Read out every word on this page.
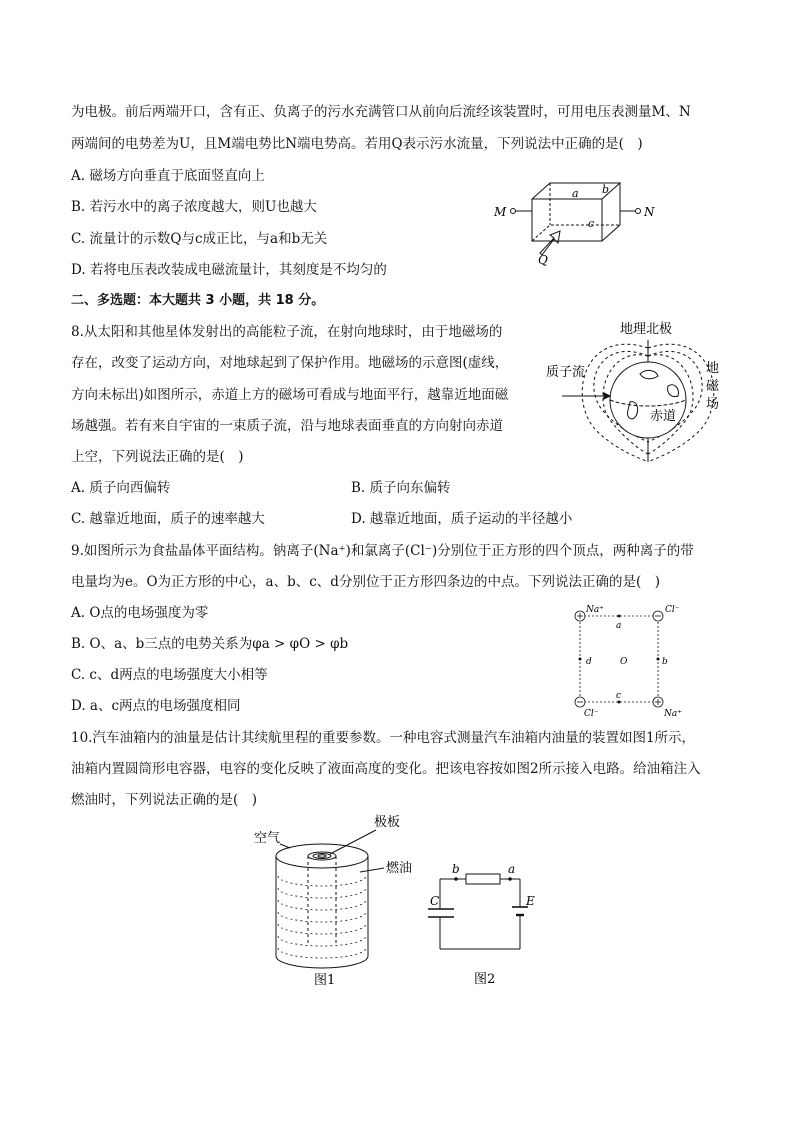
为电极。前后两端开口，含有正、负离子的污水充满管口从前向后流经该装置时，可用电压表测量M、N
两端间的电势差为U，且M端电势比N端电势高。若用Q表示污水流量，下列说法中正确的是(　)
A. 磁场方向垂直于底面竖直向上
B. 若污水中的离子浓度越大，则U也越大
C. 流量计的示数Q与c成正比，与a和b无关
D. 若将电压表改装成电磁流量计，其刻度是不均匀的
M	N
a b
c
Q
二、多选题：本大题共 3 小题，共 18 分。
8.从太阳和其他星体发射出的高能粒子流，在射向地球时，由于地磁场的
存在，改变了运动方向，对地球起到了保护作用。地磁场的示意图(虚线，
方向未标出)如图所示，赤道上方的磁场可看成与地面平行，越靠近地面磁
场越强。若有来自宇宙的一束质子流，沿与地球表面垂直的方向射向赤道
上空，下列说法正确的是(　)
A. 质子向西偏转	B. 质子向东偏转
C. 越靠近地面，质子的速率越大	D. 越靠近地面，质子运动的半径越小
地理北极
质子流	地
磁
场
赤道
9.如图所示为食盐晶体平面结构。钠离子(Na⁺)和氯离子(Cl⁻)分别位于正方形的四个顶点，两种离子的带
电量均为e。O为正方形的中心，a、b、c、d分别位于正方形四条边的中点。下列说法正确的是(　)
A. O点的电场强度为零
B. O、a、b三点的电势关系为φa > φO > φb
C. c、d两点的电场强度大小相等
D. a、c两点的电场强度相同
Na⁺	Cl⁻
Cl⁻	Na⁺
a
b
c
d	O
10.汽车油箱内的油量是估计其续航里程的重要参数。一种电容式测量汽车油箱内油量的装置如图1所示，
油箱内置圆筒形电容器，电容的变化反映了液面高度的变化。把该电容按如图2所示接入电路。给油箱注入
燃油时，下列说法正确的是(　)
空气
极板
燃油
图1
b	a
C	E
图2
